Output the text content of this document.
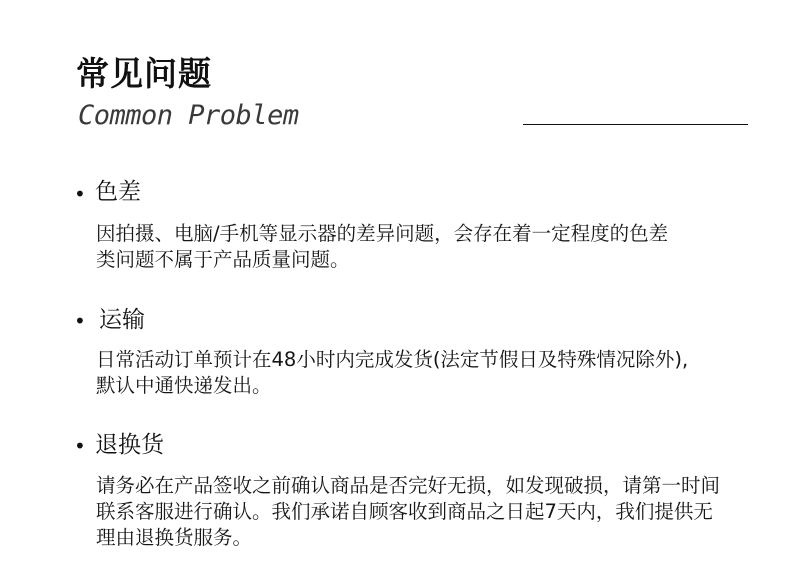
常见问题
Common Problem
• 色差
因拍摄、电脑/手机等显示器的差异问题，会存在着一定程度的色差
类问题不属于产品质量问题。
• 运输
日常活动订单预计在48小时内完成发货(法定节假日及特殊情况除外),
默认中通快递发出。
• 退换货
请务必在产品签收之前确认商品是否完好无损，如发现破损，请第一时间
联系客服进行确认。我们承诺自顾客收到商品之日起7天内，我们提供无
理由退换货服务。
